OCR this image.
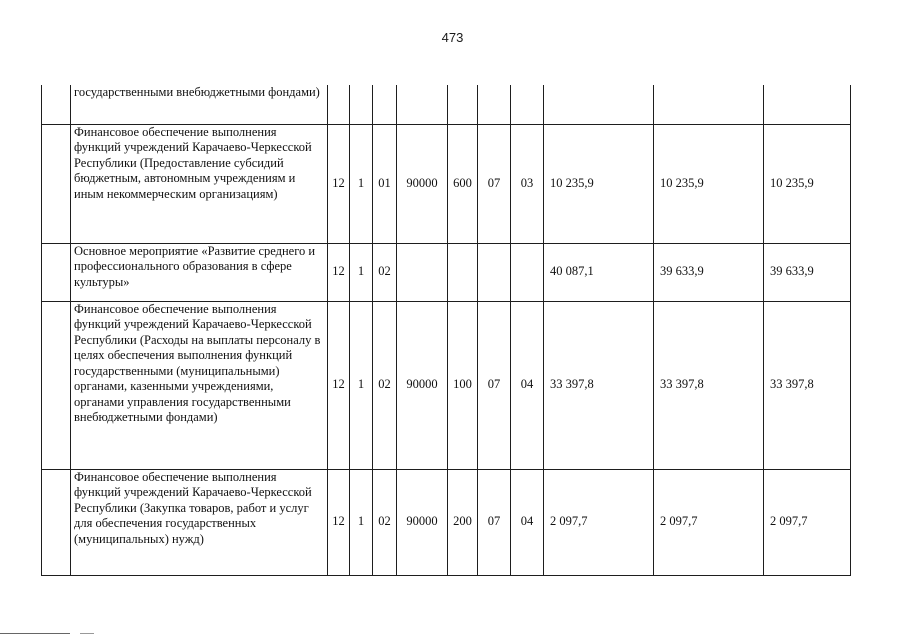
473

	государственными внебюджетными фондами)										

	Финансовое обеспечение выполнения функций учреждений Карачаево-Черкесской Республики (Предоставление субсидий бюджетным, автономным учреждениям и иным некоммерческим организациям)	12	1	01	90000	600	07	03	10 235,9	10 235,9	10 235,9

	Основное мероприятие «Развитие среднего и профессионального образования в сфере культуры»	12	1	02					40 087,1	39 633,9	39 633,9

	Финансовое обеспечение выполнения функций учреждений Карачаево-Черкесской Республики (Расходы на выплаты персоналу в целях обеспечения выполнения функций государственными (муниципальными) органами, казенными учреждениями, органами управления государственными внебюджетными фондами)	12	1	02	90000	100	07	04	33 397,8	33 397,8	33 397,8

	Финансовое обеспечение выполнения функций учреждений Карачаево-Черкесской Республики (Закупка товаров, работ и услуг для обеспечения государственных (муниципальных) нужд)	12	1	02	90000	200	07	04	2 097,7	2 097,7	2 097,7
